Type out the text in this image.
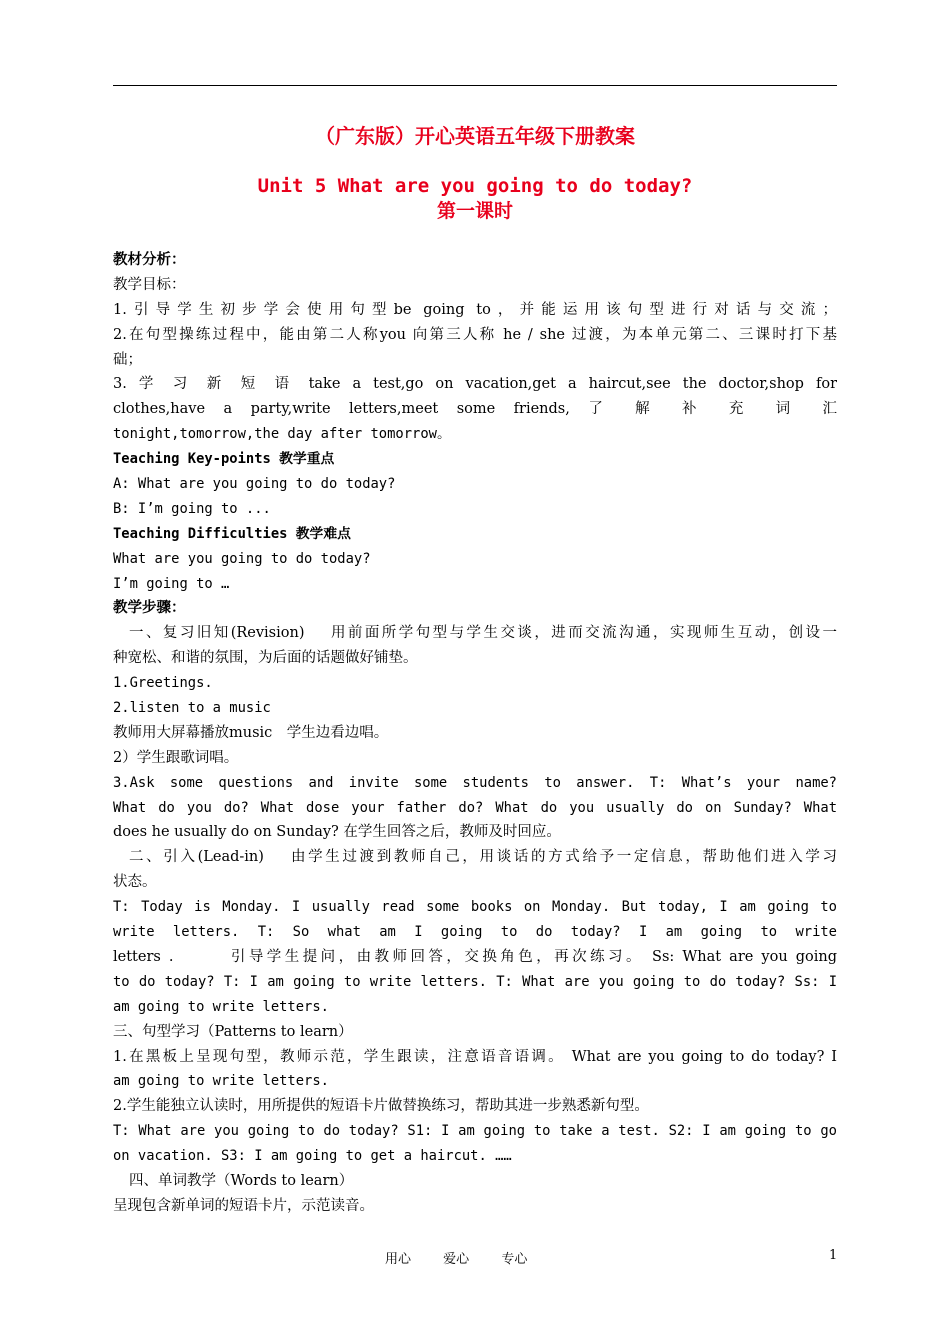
（广东版）开心英语五年级下册教案
Unit 5 What are you going to do today?
第一课时
教材分析：
教学目标：
1.引导学生初步学会使用句型be going to，并能运用该句型进行对话与交流；
2.在句型操练过程中，能由第二人称you 向第三人称 he / she 过渡，为本单元第二、三课时打下基
础；
3. 学 习 新 短 语 take a test,go on vacation,get a haircut,see the doctor,shop for
clothes,have a party,write letters,meet some friends, 了 解 补 充 词 汇
tonight,tomorrow,the day after tomorrow。
Teaching Key-points 教学重点
A: What are you going to do today?
B: I’m going to ...
Teaching Difficulties 教学难点
What are you going to do today?
I’m going to …
教学步骤：
一、复习旧知(Revision)　 用前面所学句型与学生交谈，进而交流沟通，实现师生互动，创设一
种宽松、和谐的氛围，为后面的话题做好铺垫。
1.Greetings.
2.listen to a music
教师用大屏幕播放music　学生边看边唱。
2）学生跟歌词唱。
3.Ask some questions and invite some students to answer. T: What’s your name?
What do you do? What dose your father do? What do you usually do on Sunday? What
does he usually do on Sunday? 在学生回答之后，教师及时回应。
二、引入(Lead-in)　 由学生过渡到教师自己，用谈话的方式给予一定信息，帮助他们进入学习
状态。
T: Today is Monday. I usually read some books on Monday. But today, I am going to
write letters. T: So what am I going to do today? I am going to write
letters .　　　引导学生提问，由教师回答，交换角色，再次练习。 Ss: What are you going
to do today? T: I am going to write letters. T: What are you going to do today? Ss: I
am going to write letters.
三、句型学习（Patterns to learn）
1.在黑板上呈现句型，教师示范，学生跟读，注意语音语调。 What are you going to do today? I
am going to write letters.
2.学生能独立认读时，用所提供的短语卡片做替换练习，帮助其进一步熟悉新句型。
T: What are you going to do today? S1: I am going to take a test. S2: I am going to go
on vacation. S3: I am going to get a haircut. ……
四、单词教学（Words to learn）
呈现包含新单词的短语卡片，示范读音。
用心 爱心 专心	1
